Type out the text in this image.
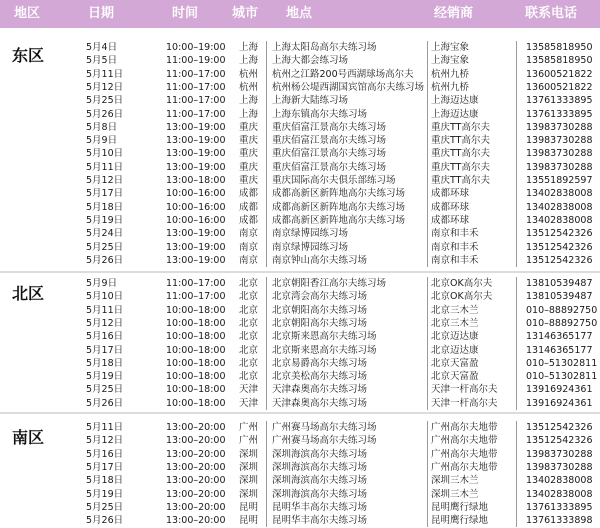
地区	日期	时间	城市 地点	经销商	联系电话
东区	5月4日	10:00–19:00 上海 上海太阳岛高尔夫练习场	上海宝象	13585818950
5月5日	11:00–19:00 上海 上海大都会练习场	上海宝象	13585818950
5月11日	11:00–17:00 杭州 杭州之江路200号西湖球场高尔夫 杭州九桥	13600521822
5月12日	11:00–17:00 杭州 杭州杨公堤西湖国宾馆高尔夫练习场 杭州九桥	13600521822
5月25日	11:00–17:00 上海 上海新大陆练习场	上海迈达康	13761333895
5月26日	11:00–17:00 上海 上海东镇高尔夫练习场	上海迈达康	13761333895
5月8日	13:00–19:00 重庆 重庆佰富江景高尔夫练习场	重庆TT高尔夫	13983730288
5月9日	13:00–19:00 重庆 重庆佰富江景高尔夫练习场	重庆TT高尔夫	13983730288
5月10日	13:00–19:00 重庆 重庆佰富江景高尔夫练习场	重庆TT高尔夫	13983730288
5月11日	13:00–19:00 重庆 重庆佰富江景高尔夫练习场	重庆TT高尔夫	13983730288
5月12日	13:00–18:00 重庆 重庆国际高尔夫俱乐部练习场	重庆TT高尔夫	13551892597
5月17日	10:00–16:00 成都 成都高新区新阵地高尔夫练习场	成都环球	13402838008
5月18日	10:00–16:00 成都 成都高新区新阵地高尔夫练习场	成都环球	13402838008
5月19日	10:00–16:00 成都 成都高新区新阵地高尔夫练习场	成都环球	13402838008
5月24日	13:00–19:00 南京 南京绿博园练习场	南京和丰禾	13512542326
5月25日	13:00–19:00 南京 南京绿博园练习场	南京和丰禾	13512542326
5月26日	13:00–19:00 南京 南京钟山高尔夫练习场	南京和丰禾	13512542326
北区
5月9日	11:00–17:00 北京 北京朝阳香江高尔夫练习场	北京OK高尔夫	13810539487
5月10日	11:00–17:00 北京 北京湾会高尔夫练习场	北京OK高尔夫	13810539487
5月11日	10:00–18:00 北京 北京朝阳高尔夫练习场	北京三木兰	010–88892750
5月12日	10:00–18:00 北京 北京朝阳高尔夫练习场	北京三木兰	010–88892750
5月16日	10:00–18:00 北京 北京斯来恩高尔夫练习场	北京迈达康	13146365177
5月17日	10:00–18:00 北京 北京斯来恩高尔夫练习场	北京迈达康	13146365177
5月18日	10:00–18:00 北京 北京易爵高尔夫练习场	北京天富盈	010–51302811
5月19日	10:00–18:00 北京 北京美松高尔夫练习场	北京天富盈	010–51302811
5月25日	10:00–18:00 天津 天津森奥高尔夫练习场	天津一杆高尔夫	13916924361
5月26日	10:00–18:00 天津 天津森奥高尔夫练习场	天津一杆高尔夫	13916924361
南区
5月11日	13:00–20:00 广州 广州赛马场高尔夫练习场	广州高尔夫地带	13512542326
5月12日	13:00–20:00 广州 广州赛马场高尔夫练习场	广州高尔夫地带	13512542326
5月16日	13:00–20:00 深圳 深圳海滨高尔夫练习场	广州高尔夫地带	13983730288
5月17日	13:00–20:00 深圳 深圳海滨高尔夫练习场	广州高尔夫地带	13983730288
5月18日	13:00–20:00 深圳 深圳海滨高尔夫练习场	深圳三木兰	13402838008
5月19日	13:00–20:00 深圳 深圳海滨高尔夫练习场	深圳三木兰	13402838008
5月25日	13:00–20:00 昆明 昆明华丰高尔夫练习场	昆明鹰行绿地	13761333895
5月26日	13:00–20:00 昆明 昆明华丰高尔夫练习场	昆明鹰行绿地	13761333898
